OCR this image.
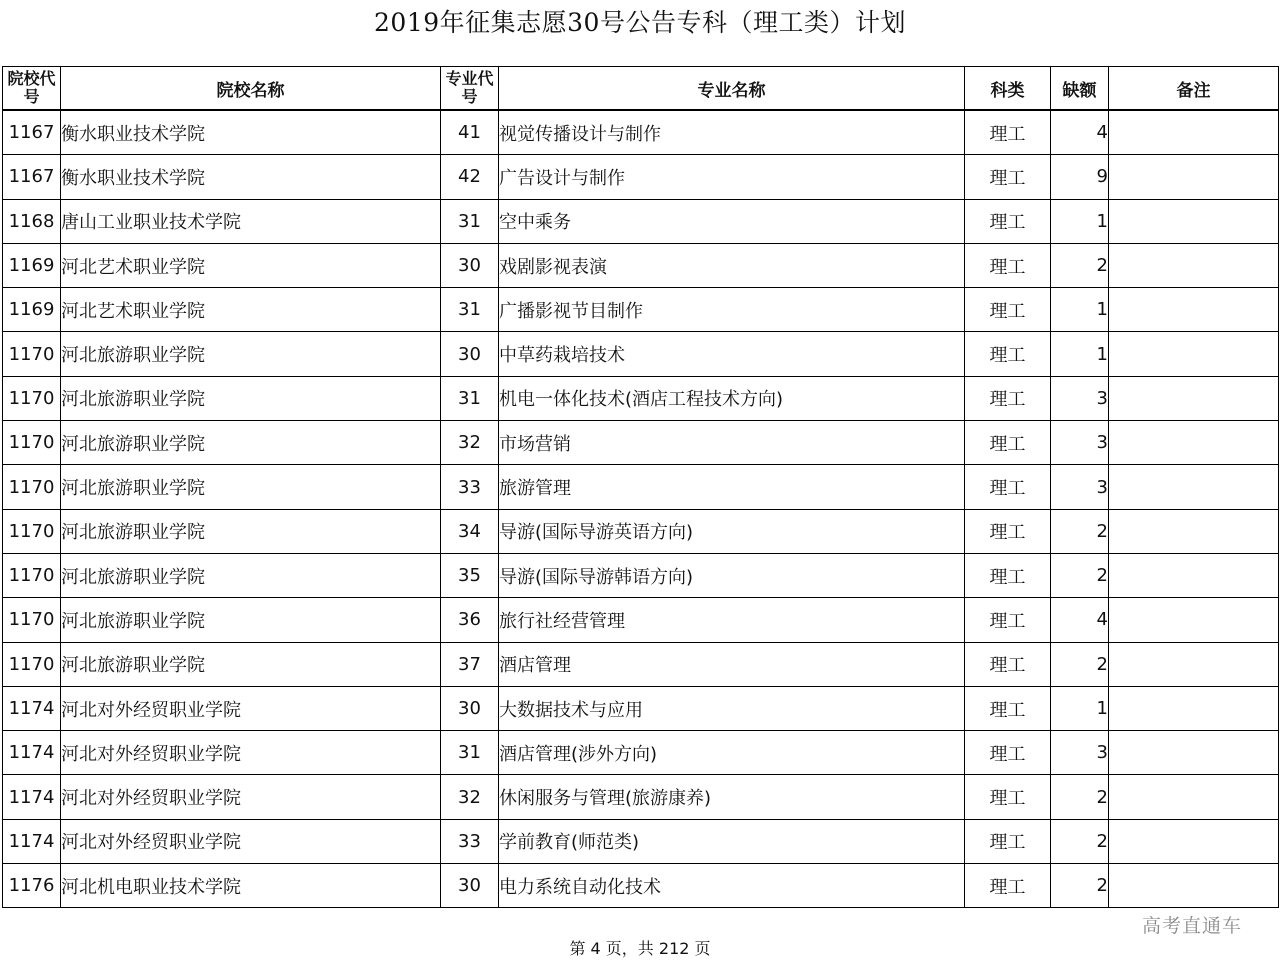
2019年征集志愿30号公告专科（理工类）计划
院校代号	院校名称	专业代号	专业名称	科类	缺额	备注
1167	衡水职业技术学院	41	视觉传播设计与制作	理工	4	
1167	衡水职业技术学院	42	广告设计与制作	理工	9	
1168	唐山工业职业技术学院	31	空中乘务	理工	1	
1169	河北艺术职业学院	30	戏剧影视表演	理工	2	
1169	河北艺术职业学院	31	广播影视节目制作	理工	1	
1170	河北旅游职业学院	30	中草药栽培技术	理工	1	
1170	河北旅游职业学院	31	机电一体化技术(酒店工程技术方向)	理工	3	
1170	河北旅游职业学院	32	市场营销	理工	3	
1170	河北旅游职业学院	33	旅游管理	理工	3	
1170	河北旅游职业学院	34	导游(国际导游英语方向)	理工	2	
1170	河北旅游职业学院	35	导游(国际导游韩语方向)	理工	2	
1170	河北旅游职业学院	36	旅行社经营管理	理工	4	
1170	河北旅游职业学院	37	酒店管理	理工	2	
1174	河北对外经贸职业学院	30	大数据技术与应用	理工	1	
1174	河北对外经贸职业学院	31	酒店管理(涉外方向)	理工	3	
1174	河北对外经贸职业学院	32	休闲服务与管理(旅游康养)	理工	2	
1174	河北对外经贸职业学院	33	学前教育(师范类)	理工	2	
1176	河北机电职业技术学院	30	电力系统自动化技术	理工	2	
高考直通车
第 4 页，共 212 页
